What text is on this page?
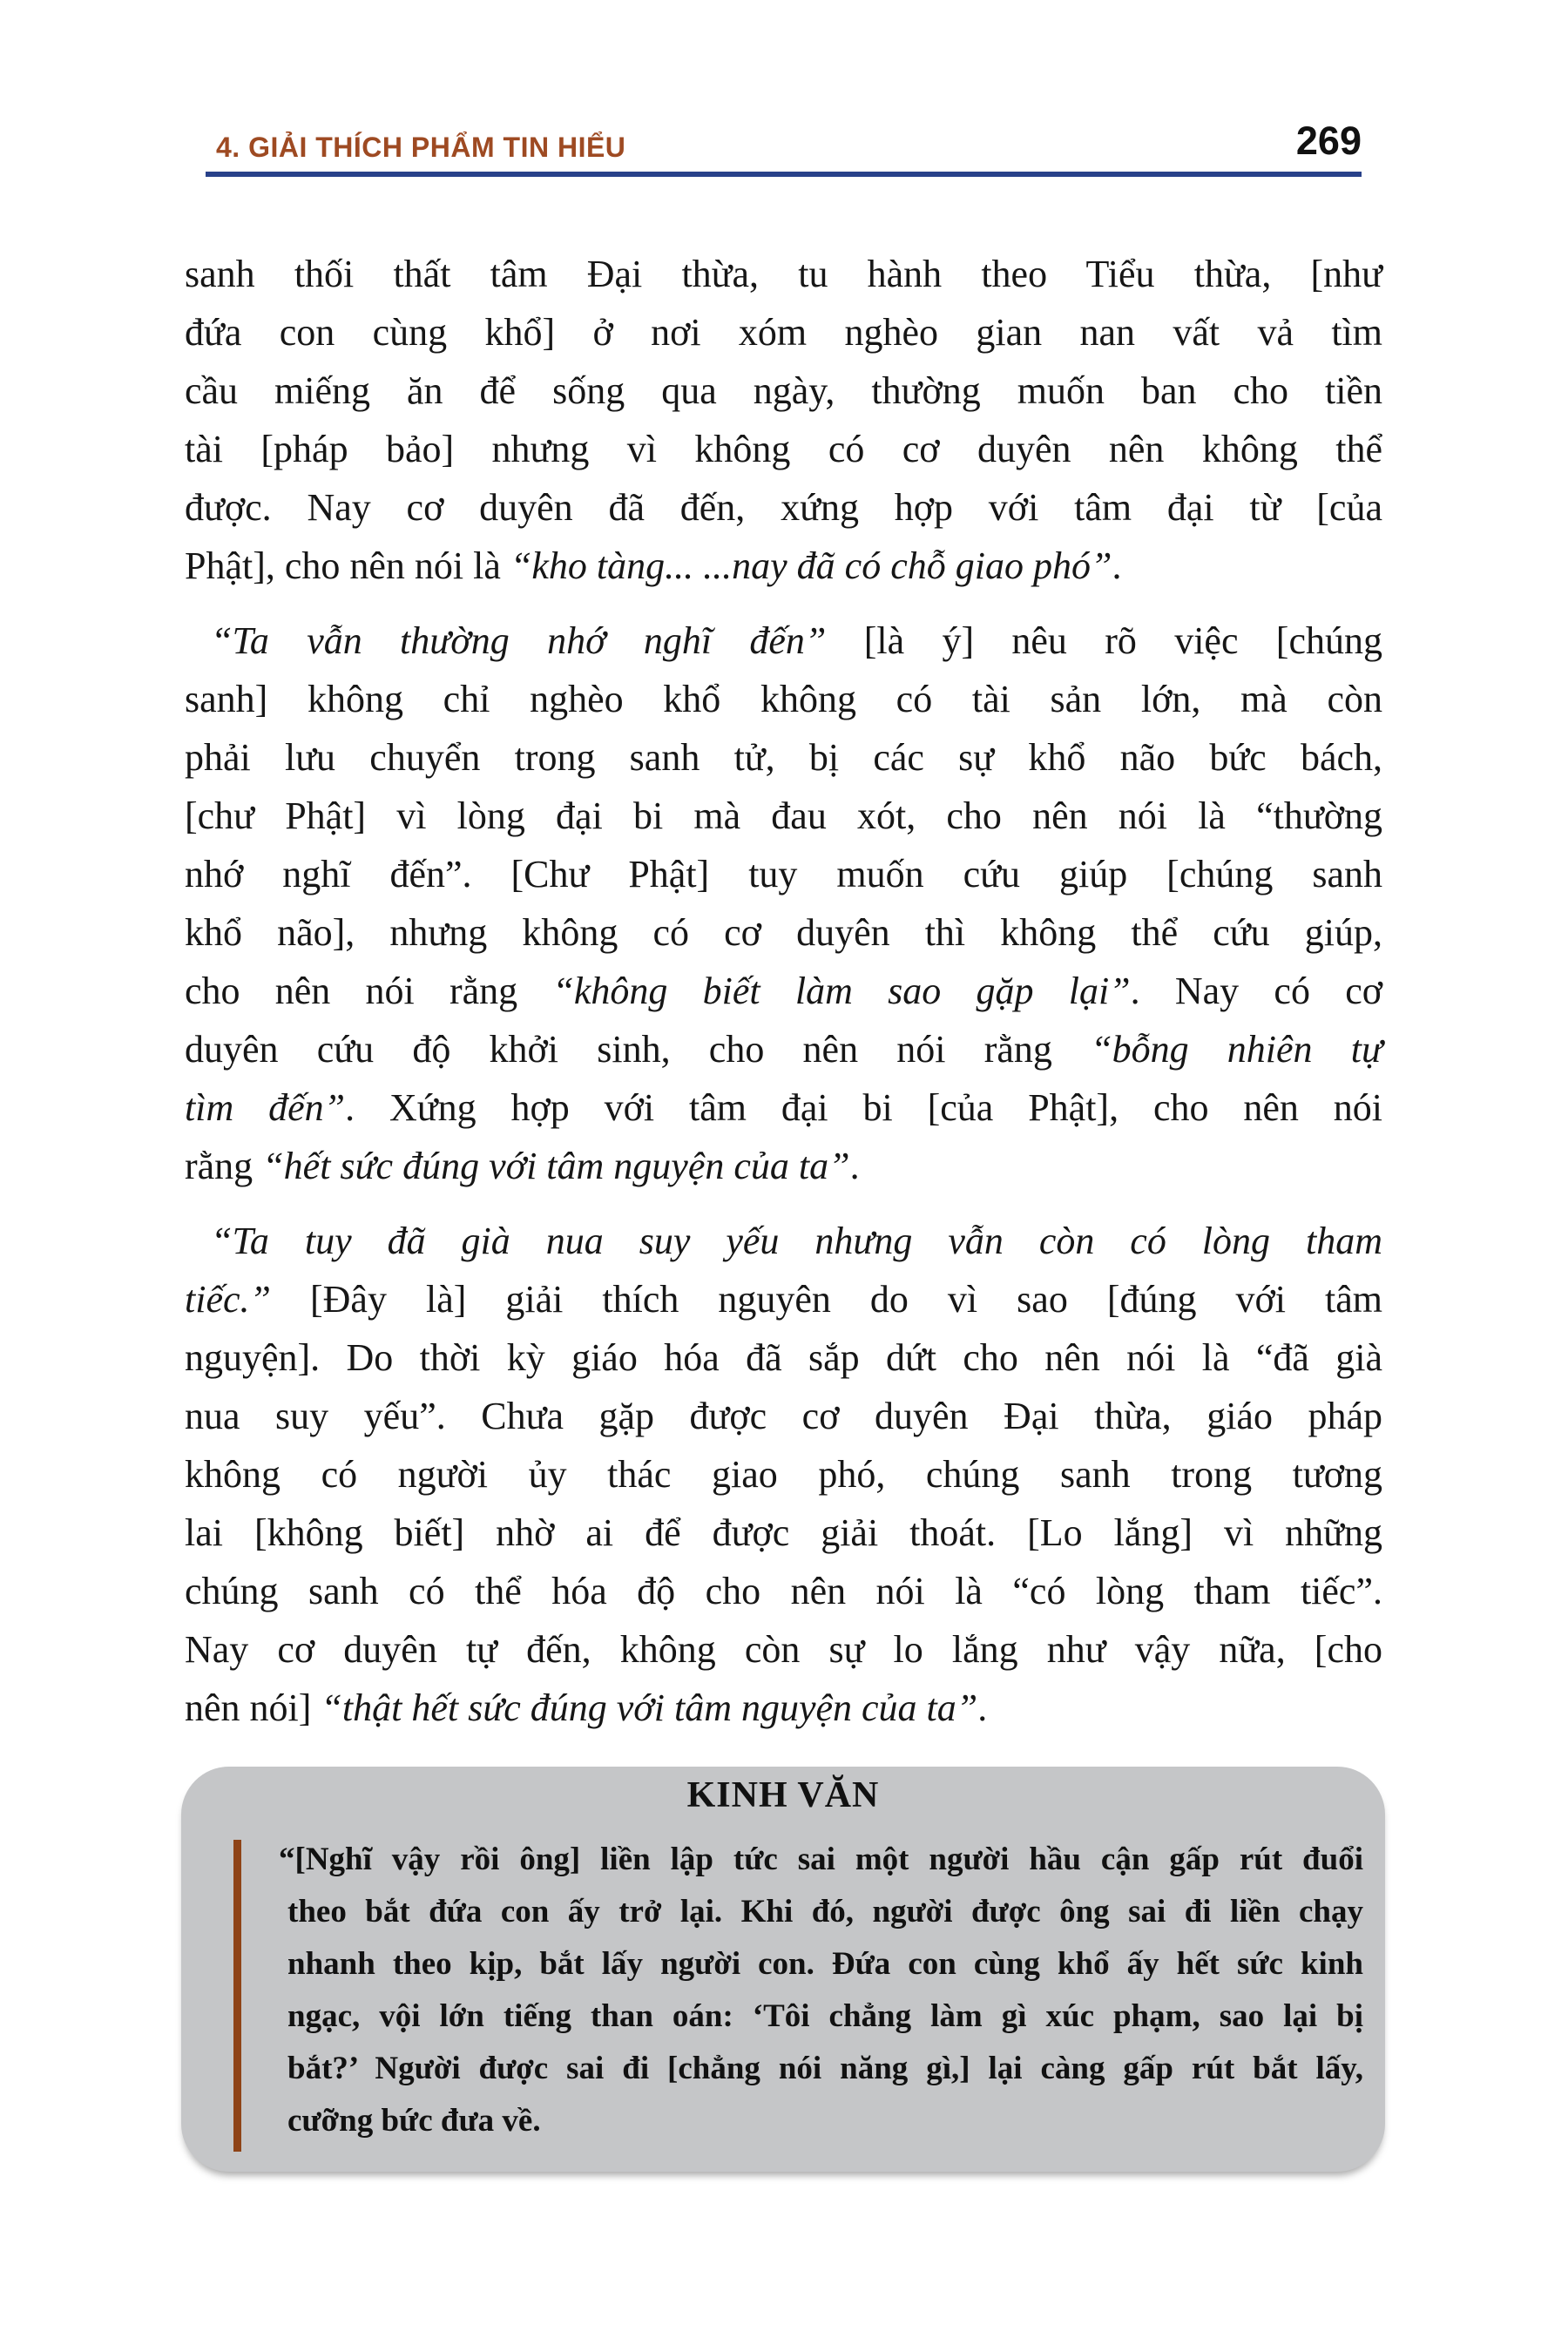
4. GIẢI THÍCH PHẨM TIN HIỂU	269
sanh thối thất tâm Đại thừa, tu hành theo Tiểu thừa, [như
đứa con cùng khổ] ở nơi xóm nghèo gian nan vất vả tìm
cầu miếng ăn để sống qua ngày, thường muốn ban cho tiền
tài [pháp bảo] nhưng vì không có cơ duyên nên không thể
được. Nay cơ duyên đã đến, xứng hợp với tâm đại từ [của
Phật], cho nên nói là “kho tàng... ...nay đã có chỗ giao phó”.
“Ta vẫn thường nhớ nghĩ đến” [là ý] nêu rõ việc [chúng
sanh] không chỉ nghèo khổ không có tài sản lớn, mà còn
phải lưu chuyển trong sanh tử, bị các sự khổ não bức bách,
[chư Phật] vì lòng đại bi mà đau xót, cho nên nói là “thường
nhớ nghĩ đến”. [Chư Phật] tuy muốn cứu giúp [chúng sanh
khổ não], nhưng không có cơ duyên thì không thể cứu giúp,
cho nên nói rằng “không biết làm sao gặp lại”. Nay có cơ
duyên cứu độ khởi sinh, cho nên nói rằng “bỗng nhiên tự
tìm đến”. Xứng hợp với tâm đại bi [của Phật], cho nên nói
rằng “hết sức đúng với tâm nguyện của ta”.
“Ta tuy đã già nua suy yếu nhưng vẫn còn có lòng tham
tiếc.” [Đây là] giải thích nguyên do vì sao [đúng với tâm
nguyện]. Do thời kỳ giáo hóa đã sắp dứt cho nên nói là “đã già
nua suy yếu”. Chưa gặp được cơ duyên Đại thừa, giáo pháp
không có người ủy thác giao phó, chúng sanh trong tương
lai [không biết] nhờ ai để được giải thoát. [Lo lắng] vì những
chúng sanh có thể hóa độ cho nên nói là “có lòng tham tiếc”.
Nay cơ duyên tự đến, không còn sự lo lắng như vậy nữa, [cho
nên nói] “thật hết sức đúng với tâm nguyện của ta”.
KINH VĂN
“[Nghĩ vậy rồi ông] liền lập tức sai một người hầu cận gấp rút đuổi
theo bắt đứa con ấy trở lại. Khi đó, người được ông sai đi liền chạy
nhanh theo kịp, bắt lấy người con. Đứa con cùng khổ ấy hết sức kinh
ngạc, vội lớn tiếng than oán: ‘Tôi chẳng làm gì xúc phạm, sao lại bị
bắt?’ Người được sai đi [chẳng nói năng gì,] lại càng gấp rút bắt lấy,
cưỡng bức đưa về.
